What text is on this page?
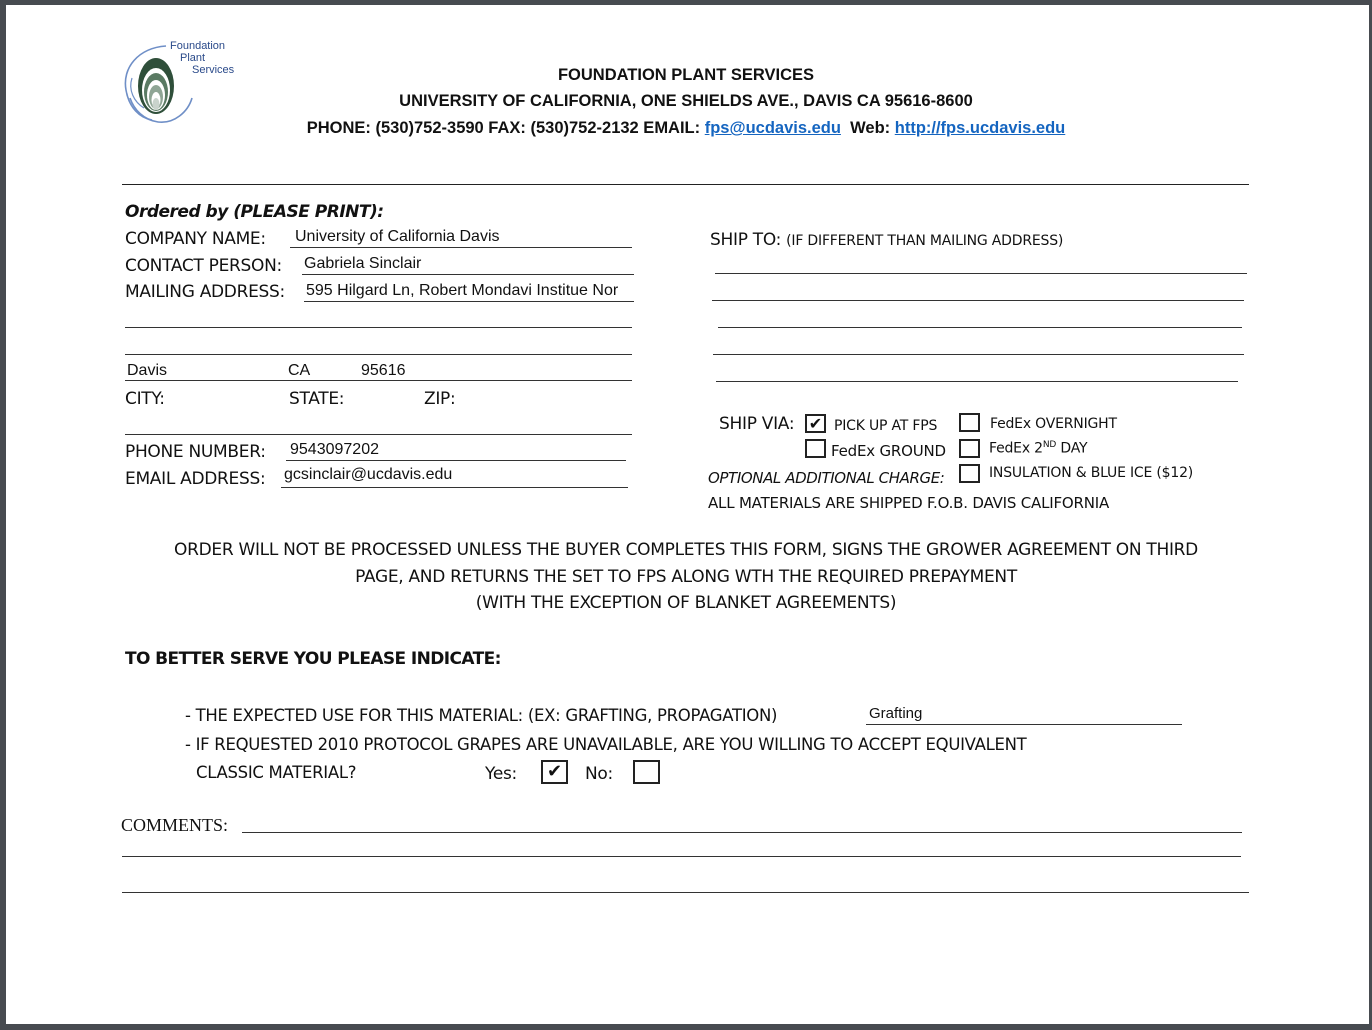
Foundation
Plant
Services	FOUNDATION PLANT SERVICES
UNIVERSITY OF CALIFORNIA, ONE SHIELDS AVE., DAVIS CA 95616-8600
PHONE: (530)752-3590 FAX: (530)752-2132 EMAIL: fps@ucdavis.edu Web: http://fps.ucdavis.edu
Ordered by (PLEASE PRINT):
COMPANY NAME: University of California Davis
CONTACT PERSON: Gabriela Sinclair
MAILING ADDRESS: 595 Hilgard Ln, Robert Mondavi Institue Nor
Davis	CA	95616
CITY:	STATE:	ZIP:
PHONE NUMBER: 9543097202
EMAIL ADDRESS: gcsinclair@ucdavis.edu
SHIP TO: (IF DIFFERENT THAN MAILING ADDRESS)
SHIP VIA: ✔ PICK UP AT FPS	FedEx OVERNIGHT
FedEx GROUND	FedEx 2ND DAY
OPTIONAL ADDITIONAL CHARGE:	INSULATION & BLUE ICE ($12)
ALL MATERIALS ARE SHIPPED F.O.B. DAVIS CALIFORNIA
ORDER WILL NOT BE PROCESSED UNLESS THE BUYER COMPLETES THIS FORM, SIGNS THE GROWER AGREEMENT ON THIRD
PAGE, AND RETURNS THE SET TO FPS ALONG WTH THE REQUIRED PREPAYMENT
(WITH THE EXCEPTION OF BLANKET AGREEMENTS)
TO BETTER SERVE YOU PLEASE INDICATE:
- THE EXPECTED USE FOR THIS MATERIAL: (EX: GRAFTING, PROPAGATION)	Grafting
- IF REQUESTED 2010 PROTOCOL GRAPES ARE UNAVAILABLE, ARE YOU WILLING TO ACCEPT EQUIVALENT
CLASSIC MATERIAL?	Yes:	✔	No:
COMMENTS:
